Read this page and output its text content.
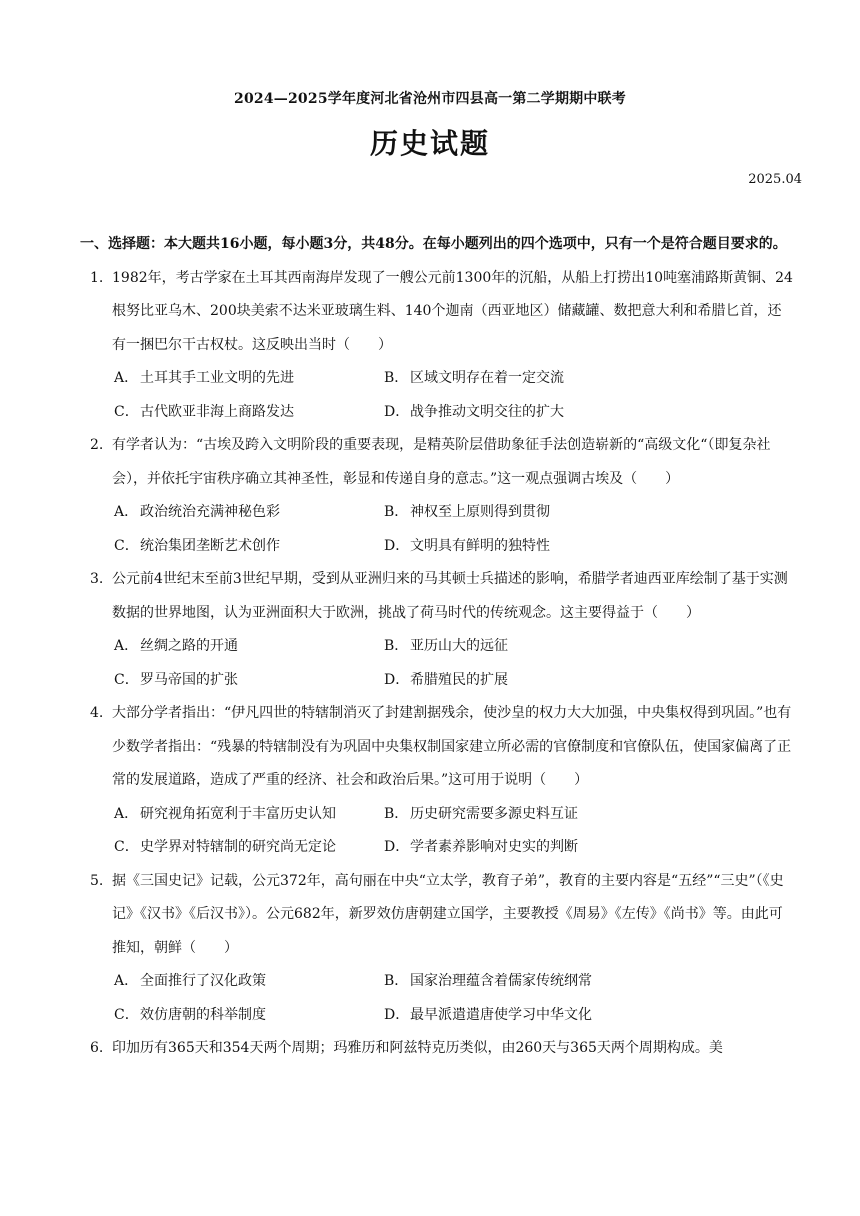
2024—2025学年度河北省沧州市四县高一第二学期期中联考
历史试题
2025.04
一、选择题：本大题共16小题，每小题3分，共48分。在每小题列出的四个选项中，只有一个是符合题目要求的。
1. 1982年，考古学家在土耳其西南海岸发现了一艘公元前1300年的沉船，从船上打捞出10吨塞浦路斯黄铜、24根努比亚乌木、200块美索不达米亚玻璃生料、140个迦南（西亚地区）储藏罐、数把意大利和希腊匕首，还有一捆巴尔干古权杖。这反映出当时（　　）
A． 土耳其手工业文明的先进	B． 区域文明存在着一定交流
C．古代欧亚非海上商路发达	D．战争推动文明交往的扩大
2. 有学者认为：“古埃及跨入文明阶段的重要表现，是精英阶层借助象征手法创造崭新的“高级文化“（即复杂社会），并依托宇宙秩序确立其神圣性，彰显和传递自身的意志。”这一观点强调古埃及（　　）
A． 政治统治充满神秘色彩	B． 神权至上原则得到贯彻
C．统治集团垄断艺术创作	D．文明具有鲜明的独特性
3. 公元前4世纪末至前3世纪早期，受到从亚洲归来的马其顿士兵描述的影响，希腊学者迪西亚库绘制了基于实测数据的世界地图，认为亚洲面积大于欧洲，挑战了荷马时代的传统观念。这主要得益于（　　）
A． 丝绸之路的开通	B． 亚历山大的远征
C．罗马帝国的扩张	D．希腊殖民的扩展
4. 大部分学者指出：“伊凡四世的特辖制消灭了封建割据残余，使沙皇的权力大大加强，中央集权得到巩固。”也有少数学者指出：“残暴的特辖制没有为巩固中央集权制国家建立所必需的官僚制度和官僚队伍，使国家偏离了正常的发展道路，造成了严重的经济、社会和政治后果。”这可用于说明（　　）
A． 研究视角拓宽利于丰富历史认知	B． 历史研究需要多源史料互证
C．史学界对特辖制的研究尚无定论	D．学者素养影响对史实的判断
5. 据《三国史记》记载，公元372年，高句丽在中央“立太学，教育子弟”，教育的主要内容是“五经”“三史”（《史记》《汉书》《后汉书》）。公元682年，新罗效仿唐朝建立国学，主要教授《周易》《左传》《尚书》等。由此可推知，朝鲜（　　）
A． 全面推行了汉化政策	B． 国家治理蕴含着儒家传统纲常
C．效仿唐朝的科举制度	D．最早派遣遣唐使学习中华文化
6. 印加历有365天和354天两个周期；玛雅历和阿兹特克历类似，由260天与365天两个周期构成。美
